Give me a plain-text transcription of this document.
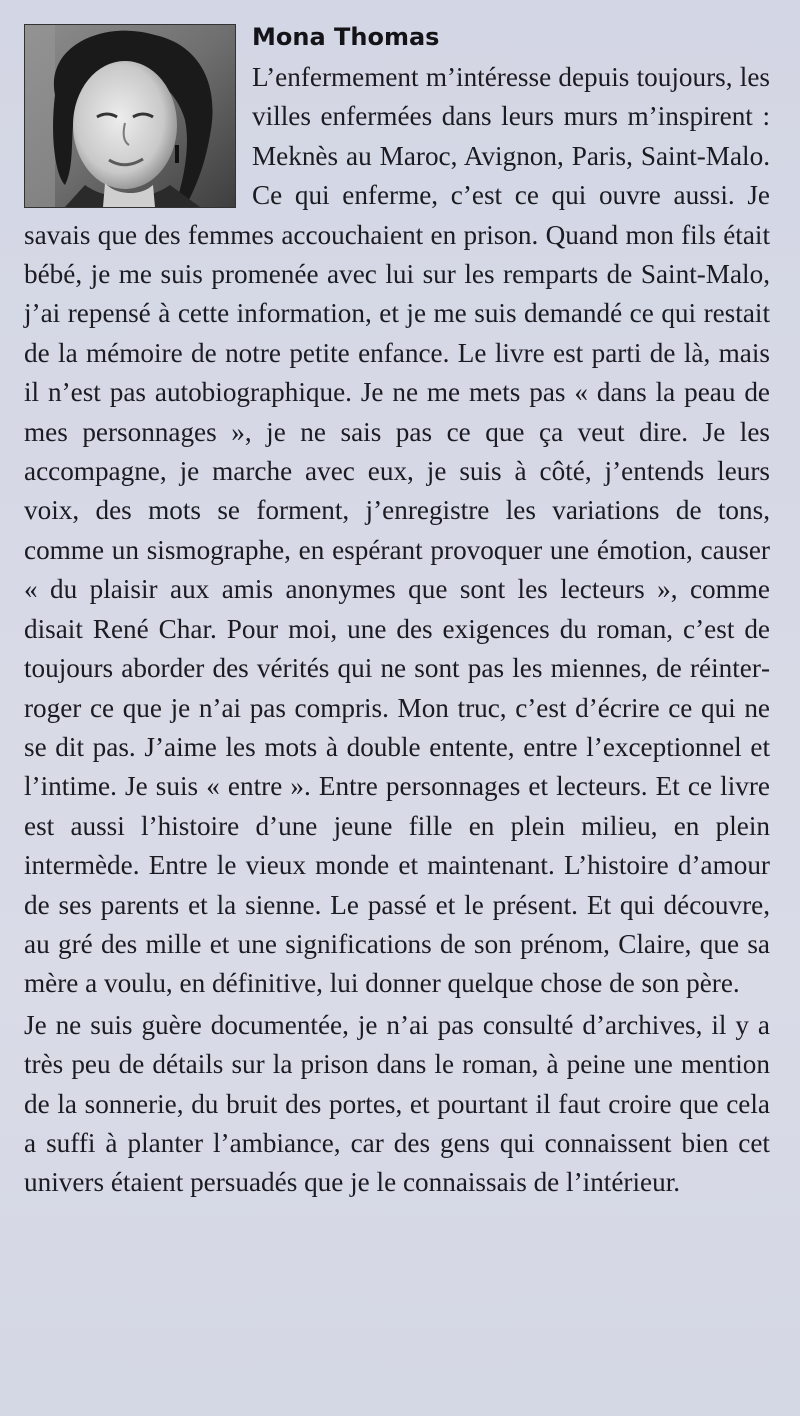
Mona Thomas

L’enfermement m’intéresse depuis toujours, les villes enfermées dans leurs murs m’inspirent : Meknès au Maroc, Avignon, Paris, Saint-Malo. Ce qui enferme, c’est ce qui ouvre aussi. Je savais que des femmes accouchaient en prison. Quand mon fils était bébé, je me suis promenée avec lui sur les remparts de Saint-Malo, j’ai repensé à cette information, et je me suis demandé ce qui restait de la mémoire de notre petite enfance. Le livre est parti de là, mais il n’est pas autobiographique. Je ne me mets pas « dans la peau de mes personnages », je ne sais pas ce que ça veut dire. Je les accompagne, je marche avec eux, je suis à côté, j’entends leurs voix, des mots se forment, j’enregistre les variations de tons, comme un sismographe, en espérant provoquer une émotion, causer « du plaisir aux amis anonymes que sont les lecteurs », comme disait René Char. Pour moi, une des exigences du roman, c’est de toujours aborder des vérités qui ne sont pas les miennes, de réinterroger ce que je n’ai pas compris. Mon truc, c’est d’écrire ce qui ne se dit pas. J’aime les mots à double entente, entre l’exceptionnel et l’intime. Je suis « entre ». Entre personnages et lecteurs. Et ce livre est aussi l’histoire d’une jeune fille en plein milieu, en plein intermède. Entre le vieux monde et maintenant. L’histoire d’amour de ses parents et la sienne. Le passé et le présent. Et qui découvre, au gré des mille et une significations de son prénom, Claire, que sa mère a voulu, en définitive, lui donner quelque chose de son père.

Je ne suis guère documentée, je n’ai pas consulté d’archives, il y a très peu de détails sur la prison dans le roman, à peine une mention de la sonnerie, du bruit des portes, et pourtant il faut croire que cela a suffi à planter l’ambiance, car des gens qui connaissent bien cet univers étaient persuadés que je le connaissais de l’intérieur.
